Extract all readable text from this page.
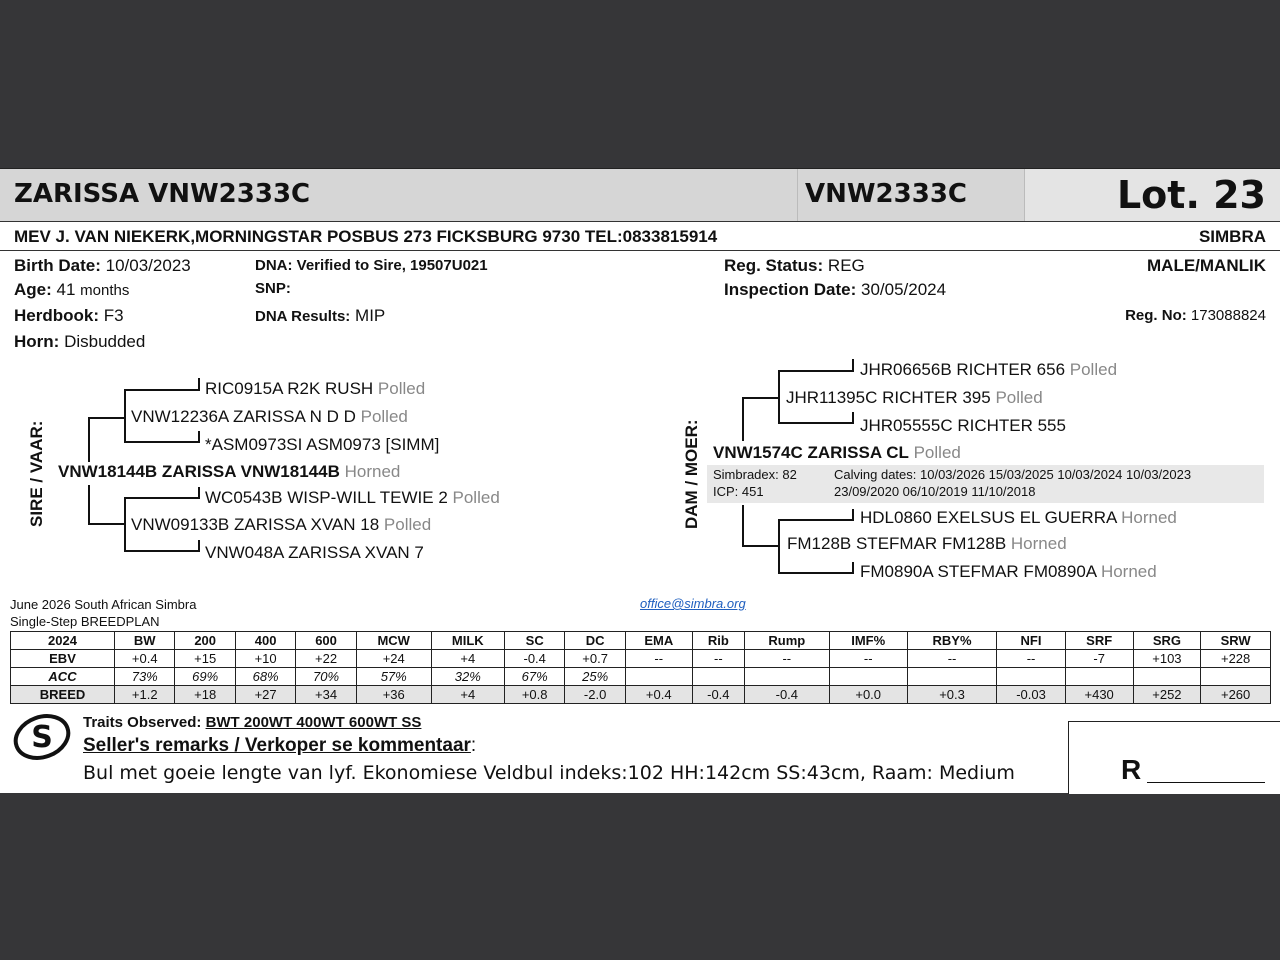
ZARISSA VNW2333C	VNW2333C	Lot. 23
MEV J. VAN NIEKERK,MORNINGSTAR POSBUS 273 FICKSBURG 9730 TEL:0833815914	SIMBRA
Birth Date: 10/03/2023
Age: 41 months
Herdbook: F3
Horn: Disbudded
DNA: Verified to Sire, 19507U021
SNP:
DNA Results: MIP
Reg. Status: REG
Inspection Date: 30/05/2024
MALE/MANLIK
Reg. No: 173088824
SIRE / VAAR:
RIC0915A R2K RUSH Polled
VNW12236A ZARISSA N D D Polled
*ASM0973SI ASM0973 [SIMM]
VNW18144B ZARISSA VNW18144B Horned
WC0543B WISP-WILL TEWIE 2 Polled
VNW09133B ZARISSA XVAN 18 Polled
VNW048A ZARISSA XVAN 7
DAM / MOER:
JHR06656B RICHTER 656 Polled
JHR11395C RICHTER 395 Polled
JHR05555C RICHTER 555
VNW1574C ZARISSA CL Polled
Simbradex: 82
ICP: 451
Calving dates: 10/03/2026 15/03/2025 10/03/2024 10/03/2023
23/09/2020 06/10/2019 11/10/2018
HDL0860 EXELSUS EL GUERRA Horned
FM128B STEFMAR FM128B Horned
FM0890A STEFMAR FM0890A Horned
June 2026 South African Simbra
Single-Step BREEDPLAN
office@simbra.org
2024	BW	200	400	600	MCW	MILK	SC	DC	EMA	Rib	Rump	IMF%	RBY%	NFI	SRF	SRG	SRW
EBV	+0.4	+15	+10	+22	+24	+4	-0.4	+0.7	--	--	--	--	--	--	-7	+103	+228
ACC	73%	69%	68%	70%	57%	32%	67%	25%									
BREED	+1.2	+18	+27	+34	+36	+4	+0.8	-2.0	+0.4	-0.4	-0.4	+0.0	+0.3	-0.03	+430	+252	+260
S Traits Observed: BWT 200WT 400WT 600WT SS
Seller's remarks / Verkoper se kommentaar:
Bul met goeie lengte van lyf. Ekonomiese Veldbul indeks:102 HH:142cm SS:43cm, Raam: Medium	R
